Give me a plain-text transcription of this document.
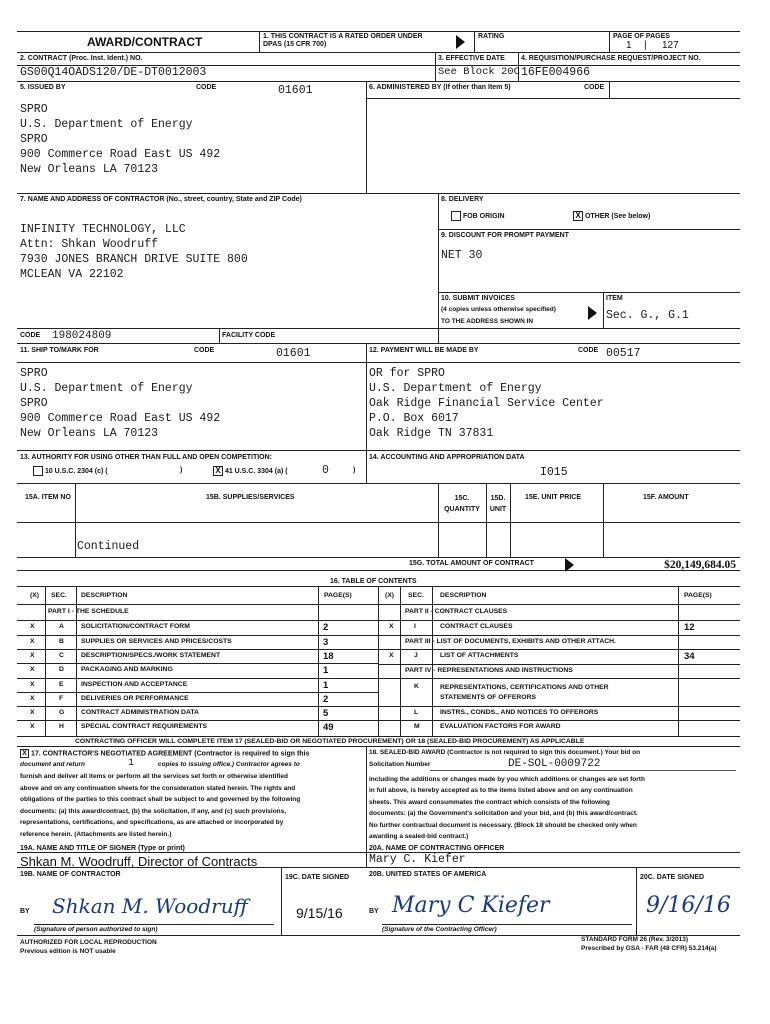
AWARD/CONTRACT	1. THIS CONTRACT IS A RATED ORDER UNDER DPAS (15 CFR 700)
RATING	PAGE OF PAGES
1 | 127
2. CONTRACT (Proc. Inst. Ident.) NO.
GS00Q14OADS120/DE-DT0012003
3. EFFECTIVE DATE
See Block 20C
4. REQUISITION/PURCHASE REQUEST/PROJECT NO.
16FE004966
5. ISSUED BY	CODE	01601
SPRO
U.S. Department of Energy
SPRO
900 Commerce Road East US 492
New Orleans LA 70123
6. ADMINISTERED BY (If other than Item 5)	CODE
7. NAME AND ADDRESS OF CONTRACTOR (No., street, country, State and ZIP Code)
INFINITY TECHNOLOGY, LLC
Attn: Shkan Woodruff
7930 JONES BRANCH DRIVE SUITE 800
MCLEAN VA 22102
CODE 198024809	FACILITY CODE
8. DELIVERY
FOB ORIGIN	X OTHER (See below)
9. DISCOUNT FOR PROMPT PAYMENT
NET 30
10. SUBMIT INVOICES
(4 copies unless otherwise specified)
TO THE ADDRESS SHOWN IN
ITEM
Sec. G., G.1
11. SHIP TO/MARK FOR	CODE	01601
SPRO
U.S. Department of Energy
SPRO
900 Commerce Road East US 492
New Orleans LA 70123
12. PAYMENT WILL BE MADE BY	CODE 00517
OR for SPRO
U.S. Department of Energy
Oak Ridge Financial Service Center
P.O. Box 6017
Oak Ridge TN 37831
13. AUTHORITY FOR USING OTHER THAN FULL AND OPEN COMPETITION:
10 U.S.C. 2304 (c) (	)	X 41 U.S.C. 3304 (a) (	0	)
14. ACCOUNTING AND APPROPRIATION DATA
I015
15A. ITEM NO	15B. SUPPLIES/SERVICES	15C. QUANTITY
15D. UNIT
15E. UNIT PRICE	15F. AMOUNT
Continued
15G. TOTAL AMOUNT OF CONTRACT	$20,149,684.05
16. TABLE OF CONTENTS
(X) SEC. DESCRIPTION	PAGE(S)	(X) SEC. DESCRIPTION	PAGE(S)
PART I - THE SCHEDULE	PART II - CONTRACT CLAUSES
PART III - LIST OF DOCUMENTS, EXHIBITS AND OTHER ATTACH.
PART IV - REPRESENTATIONS AND INSTRUCTIONS
X	A	SOLICITATION/CONTRACT FORM	2
X	B	SUPPLIES OR SERVICES AND PRICES/COSTS	3
X	C	DESCRIPTION/SPECS./WORK STATEMENT	18
X	D	PACKAGING AND MARKING	1
X	E	INSPECTION AND ACCEPTANCE	1
X	F	DELIVERIES OR PERFORMANCE	2
X	G CONTRACT ADMINISTRATION DATA	5
X	H	SPECIAL CONTRACT REQUIREMENTS	49
X	I	CONTRACT CLAUSES	12
X	J	LIST OF ATTACHMENTS	34
K	REPRESENTATIONS, CERTIFICATIONS AND OTHER STATEMENTS OF OFFERORS
L	INSTRS., CONDS., AND NOTICES TO OFFERORS
M	EVALUATION FACTORS FOR AWARD
CONTRACTING OFFICER WILL COMPLETE ITEM 17 (SEALED-BID OR NEGOTIATED PROCUREMENT) OR 18 (SEALED-BID PROCUREMENT) AS APPLICABLE
X 17. CONTRACTOR'S NEGOTIATED AGREEMENT (Contractor is required to sign this
document and return	1	copies to issuing office.) Contractor agrees to
furnish and deliver all items or perform all the services set forth or otherwise identified
above and on any continuation sheets for the consideration stated herein. The rights and
obligations of the parties to this contract shall be subject to and governed by the following
documents: (a) this award/contract, (b) the solicitation, if any, and (c) such provisions,
representations, certifications, and specifications, as are attached or incorporated by
reference herein. (Attachments are listed herein.)
18. SEALED-BID AWARD (Contractor is not required to sign this document.) Your bid on
Solicitation Number	DE-SOL-0009722
including the additions or changes made by you which additions or changes are set forth
in full above, is hereby accepted as to the items listed above and on any continuation
sheets. This award consummates the contract which consists of the following
documents: (a) the Government's solicitation and your bid, and (b) this award/contract.
No further contractual document is necessary. (Block 18 should be checked only when
awarding a sealed-bid contract.)
19A. NAME AND TITLE OF SIGNER (Type or print)
Shkan M. Woodruff, Director of Contracts
20A. NAME OF CONTRACTING OFFICER
Mary C. Kiefer
19B. NAME OF CONTRACTOR
BY Shkan M. Woodruff
(Signature of person authorized to sign)
19C. DATE SIGNED
9/15/16
20B. UNITED STATES OF AMERICA
BY Mary C Kiefer
(Signature of the Contracting Officer)
20C. DATE SIGNED
9/16/16
AUTHORIZED FOR LOCAL REPRODUCTION
Previous edition is NOT usable
STANDARD FORM 26 (Rev. 3/2013)
Prescribed by GSA - FAR (48 CFR) 53.214(a)
